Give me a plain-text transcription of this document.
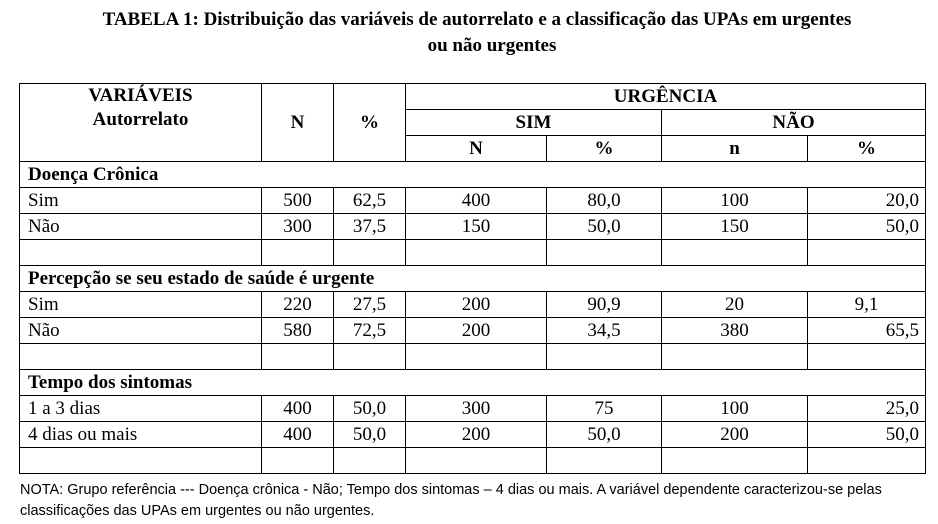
TABELA 1: Distribuição das variáveis de autorrelato e a classificação das UPAs em urgentes
ou não urgentes
VARIÁVEIS
Autorrelato	N	%	URGÊNCIA			
			SIM		NÃO	
			N	%	n	%
Doença Crônica						
Sim	500	62,5	400	80,0	100	20,0
Não	300	37,5	150	50,0	150	50,0

Percepção se seu estado de saúde é urgente						
Sim	220	27,5	200	90,9	20	9,1
Não	580	72,5	200	34,5	380	65,5

Tempo dos sintomas						
1 a 3 dias	400	50,0	300	75	100	25,0
4 dias ou mais	400	50,0	200	50,0	200	50,0

NOTA: Grupo referência --- Doença crônica - Não; Tempo dos sintomas – 4 dias ou mais. A variável dependente caracterizou-se pelas classificações das UPAs em urgentes ou não urgentes.
